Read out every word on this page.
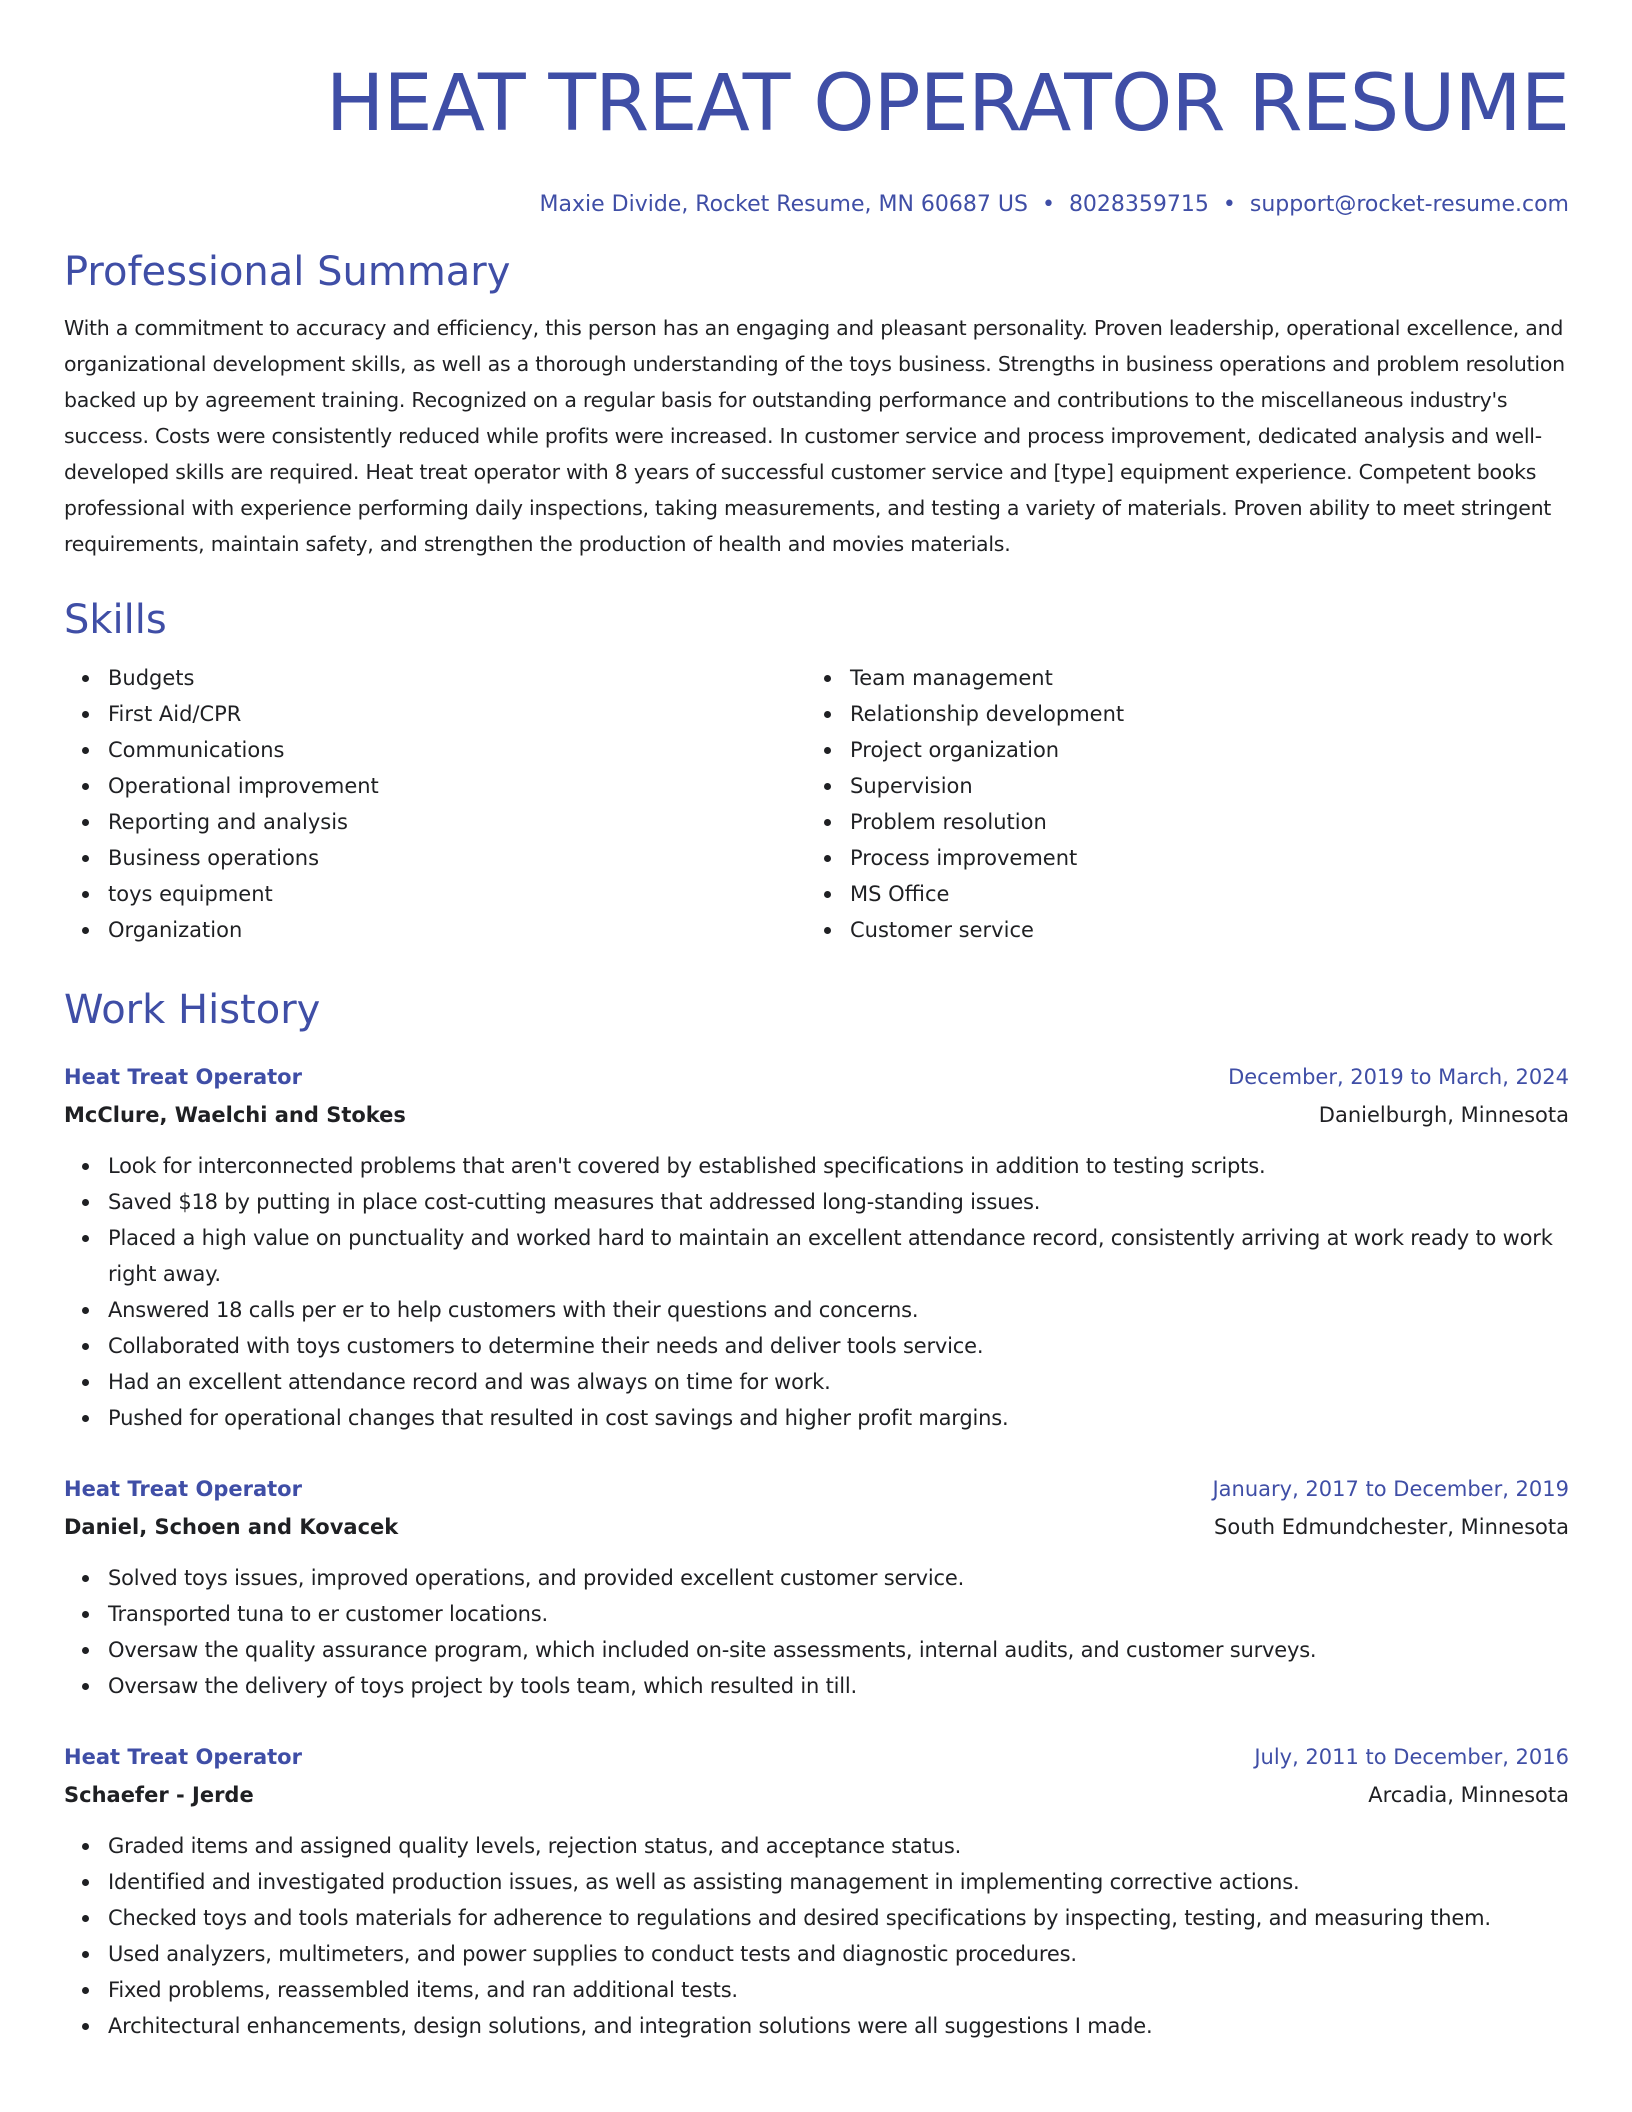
HEAT TREAT OPERATOR RESUME
Maxie Divide, Rocket Resume, MN 60687 US • 8028359715 • support@rocket-resume.com
Professional Summary

With a commitment to accuracy and efficiency, this person has an engaging and pleasant personality. Proven leadership, operational excellence, and organizational development skills, as well as a thorough understanding of the toys business. Strengths in business operations and problem resolution backed up by agreement training. Recognized on a regular basis for outstanding performance and contributions to the miscellaneous industry's success. Costs were consistently reduced while profits were increased. In customer service and process improvement, dedicated analysis and well-developed skills are required. Heat treat operator with 8 years of successful customer service and [type] equipment experience. Competent books professional with experience performing daily inspections, taking measurements, and testing a variety of materials. Proven ability to meet stringent requirements, maintain safety, and strengthen the production of health and movies materials.

Skills
Budgets
First Aid/CPR
Communications
Operational improvement
Reporting and analysis
Business operations
toys equipment
Organization
Team management
Relationship development
Project organization
Supervision
Problem resolution
Process improvement
MS Office
Customer service
Work History
Heat Treat Operator	December, 2019 to March, 2024
McClure, Waelchi and Stokes	Danielburgh, Minnesota
Look for interconnected problems that aren't covered by established specifications in addition to testing scripts.
Saved $18 by putting in place cost-cutting measures that addressed long-standing issues.
Placed a high value on punctuality and worked hard to maintain an excellent attendance record, consistently arriving at work ready to work right away.
Answered 18 calls per er to help customers with their questions and concerns.
Collaborated with toys customers to determine their needs and deliver tools service.
Had an excellent attendance record and was always on time for work.
Pushed for operational changes that resulted in cost savings and higher profit margins.
Heat Treat Operator	January, 2017 to December, 2019
Daniel, Schoen and Kovacek	South Edmundchester, Minnesota
Solved toys issues, improved operations, and provided excellent customer service.
Transported tuna to er customer locations.
Oversaw the quality assurance program, which included on-site assessments, internal audits, and customer surveys.
Oversaw the delivery of toys project by tools team, which resulted in till.
Heat Treat Operator	July, 2011 to December, 2016
Schaefer - Jerde	Arcadia, Minnesota
Graded items and assigned quality levels, rejection status, and acceptance status.
Identified and investigated production issues, as well as assisting management in implementing corrective actions.
Checked toys and tools materials for adherence to regulations and desired specifications by inspecting, testing, and measuring them.
Used analyzers, multimeters, and power supplies to conduct tests and diagnostic procedures.
Fixed problems, reassembled items, and ran additional tests.
Architectural enhancements, design solutions, and integration solutions were all suggestions I made.
